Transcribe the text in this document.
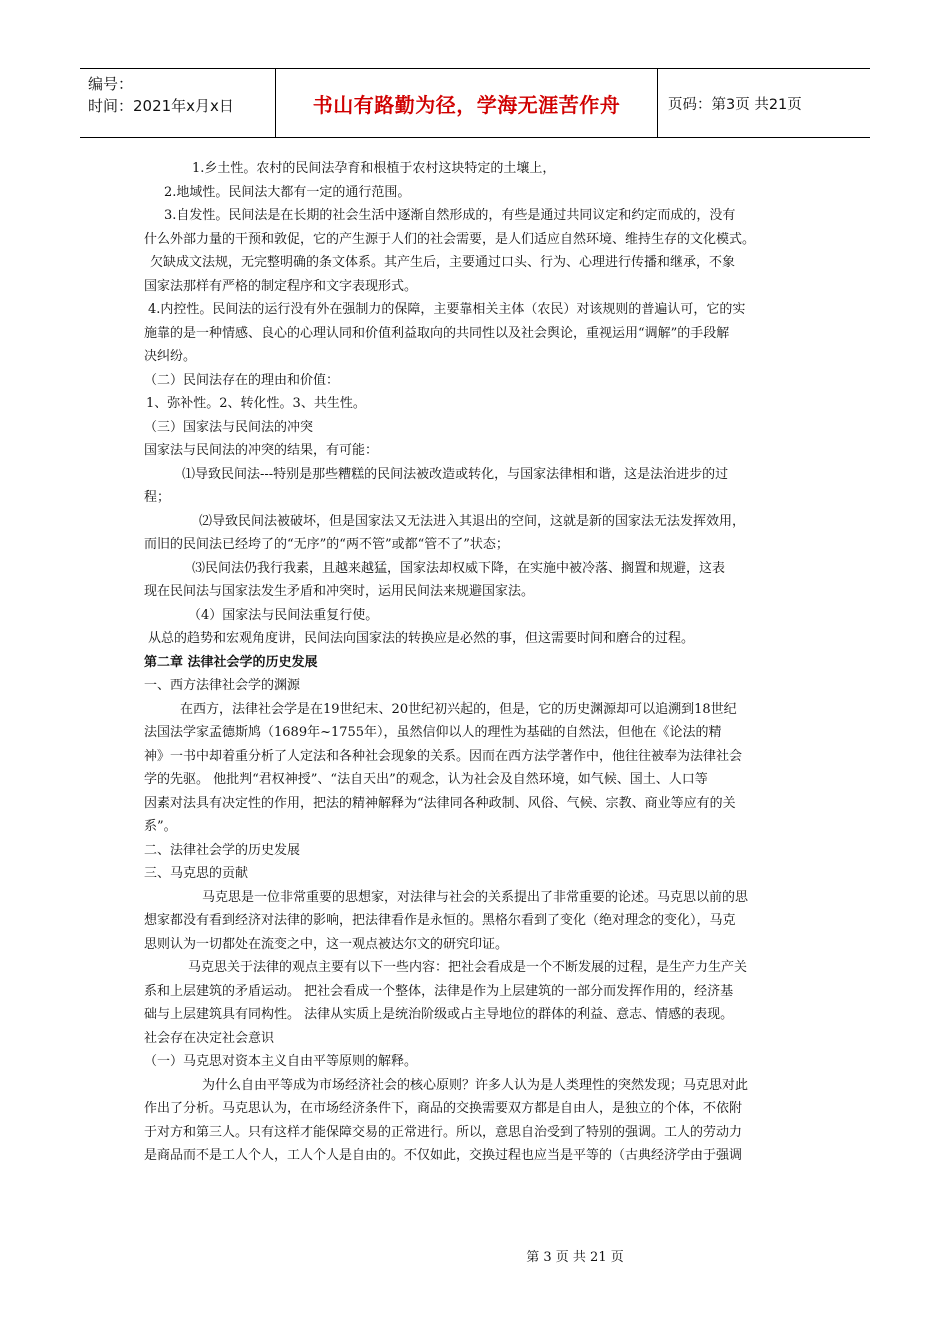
编号：
时间：2021年x月x日	书山有路勤为径，学海无涯苦作舟	页码：第3页 共21页
1.乡土性。农村的民间法孕育和根植于农村这块特定的土壤上，
2.地域性。民间法大都有一定的通行范围。
3.自发性。民间法是在长期的社会生活中逐渐自然形成的，有些是通过共同议定和约定而成的，没有
什么外部力量的干预和敦促，它的产生源于人们的社会需要，是人们适应自然环境、维持生存的文化模式。
欠缺成文法规，无完整明确的条文体系。其产生后，主要通过口头、行为、心理进行传播和继承，不象
国家法那样有严格的制定程序和文字表现形式。
4.内控性。民间法的运行没有外在强制力的保障，主要靠相关主体（农民）对该规则的普遍认可，它的实
施靠的是一种情感、良心的心理认同和价值利益取向的共同性以及社会舆论，重视运用“调解”的手段解
决纠纷。
（二）民间法存在的理由和价值：
1、弥补性。2、转化性。3、共生性。
（三）国家法与民间法的冲突
国家法与民间法的冲突的结果，有可能：
⑴导致民间法---特别是那些糟糕的民间法被改造或转化，与国家法律相和谐，这是法治进步的过
程；
⑵导致民间法被破坏，但是国家法又无法进入其退出的空间，这就是新的国家法无法发挥效用，
而旧的民间法已经垮了的“无序”的“两不管”或都“管不了”状态；
⑶民间法仍我行我素，且越来越猛，国家法却权威下降，在实施中被冷落、搁置和规避，这表
现在民间法与国家法发生矛盾和冲突时，运用民间法来规避国家法。
（4）国家法与民间法重复行使。
从总的趋势和宏观角度讲，民间法向国家法的转换应是必然的事，但这需要时间和磨合的过程。
第二章 法律社会学的历史发展
一、西方法律社会学的渊源
在西方，法律社会学是在19世纪末、20世纪初兴起的，但是，它的历史渊源却可以追溯到18世纪
法国法学家孟德斯鸠（1689年~1755年），虽然信仰以人的理性为基础的自然法，但他在《论法的精
神》一书中却着重分析了人定法和各种社会现象的关系。因而在西方法学著作中，他往往被奉为法律社会
学的先驱。 他批判“君权神授”、“法自天出”的观念，认为社会及自然环境，如气候、国土、人口等
因素对法具有决定性的作用，把法的精神解释为“法律同各种政制、风俗、气候、宗教、商业等应有的关
系”。
二、法律社会学的历史发展
三、马克思的贡献
马克思是一位非常重要的思想家，对法律与社会的关系提出了非常重要的论述。马克思以前的思
想家都没有看到经济对法律的影响，把法律看作是永恒的。黑格尔看到了变化（绝对理念的变化），马克
思则认为一切都处在流变之中，这一观点被达尔文的研究印证。
马克思关于法律的观点主要有以下一些内容：把社会看成是一个不断发展的过程，是生产力生产关
系和上层建筑的矛盾运动。 把社会看成一个整体，法律是作为上层建筑的一部分而发挥作用的，经济基
础与上层建筑具有同构性。 法律从实质上是统治阶级或占主导地位的群体的利益、意志、情感的表现。
社会存在决定社会意识
（一）马克思对资本主义自由平等原则的解释。
为什么自由平等成为市场经济社会的核心原则？许多人认为是人类理性的突然发现；马克思对此
作出了分析。马克思认为，在市场经济条件下，商品的交换需要双方都是自由人，是独立的个体，不依附
于对方和第三人。只有这样才能保障交易的正常进行。所以，意思自治受到了特别的强调。工人的劳动力
是商品而不是工人个人，工人个人是自由的。不仅如此，交换过程也应当是平等的（古典经济学由于强调
第 3 页 共 21 页
